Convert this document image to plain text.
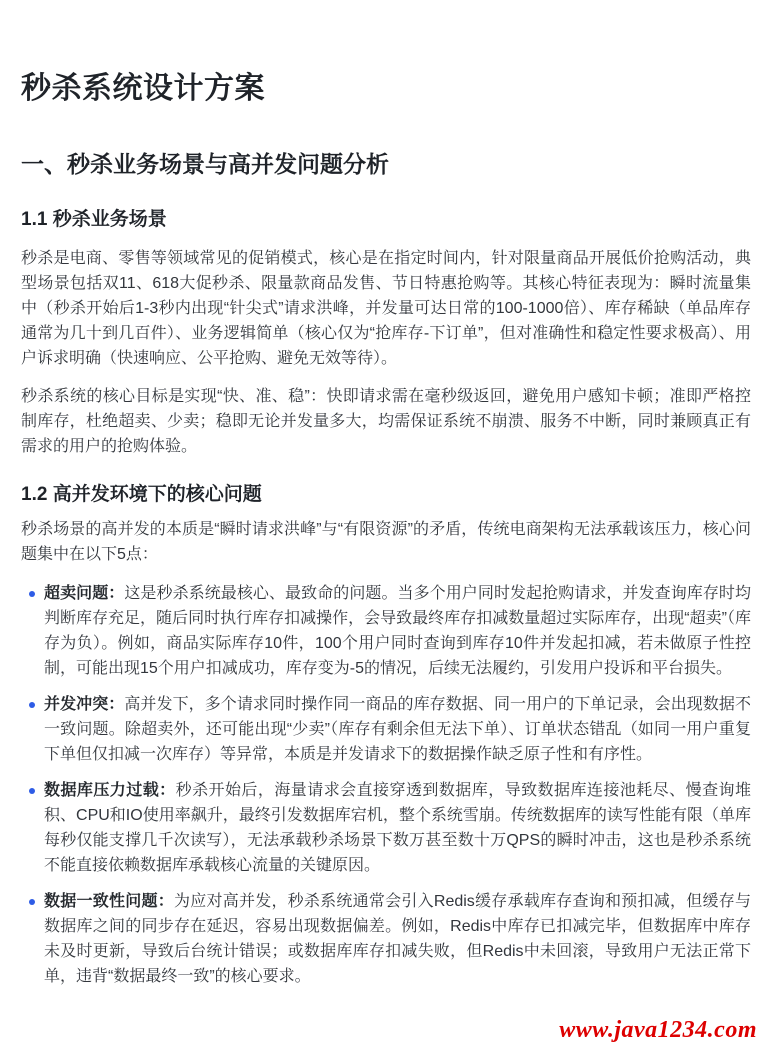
秒杀系统设计方案
一、秒杀业务场景与高并发问题分析
1.1 秒杀业务场景

秒杀是电商、零售等领域常见的促销模式，核心是在指定时间内，针对限量商品开展低价抢购活动，典型场景包括双11、618大促秒杀、限量款商品发售、节日特惠抢购等。其核心特征表现为：瞬时流量集中（秒杀开始后1-3秒内出现“针尖式”请求洪峰，并发量可达日常的100-1000倍）、库存稀缺（单品库存通常为几十到几百件）、业务逻辑简单（核心仅为“抢库存-下订单”，但对准确性和稳定性要求极高）、用户诉求明确（快速响应、公平抢购、避免无效等待）。

秒杀系统的核心目标是实现“快、准、稳”：快即请求需在毫秒级返回，避免用户感知卡顿；准即严格控制库存，杜绝超卖、少卖；稳即无论并发量多大，均需保证系统不崩溃、服务不中断，同时兼顾真正有需求的用户的抢购体验。

1.2 高并发环境下的核心问题

秒杀场景的高并发的本质是“瞬时请求洪峰”与“有限资源”的矛盾，传统电商架构无法承载该压力，核心问题集中在以下5点：

超卖问题：这是秒杀系统最核心、最致命的问题。当多个用户同时发起抢购请求，并发查询库存时均判断库存充足，随后同时执行库存扣减操作，会导致最终库存扣减数量超过实际库存，出现“超卖”（库存为负）。例如，商品实际库存10件，100个用户同时查询到库存10件并发起扣减，若未做原子性控制，可能出现15个用户扣减成功，库存变为-5的情况，后续无法履约，引发用户投诉和平台损失。
并发冲突：高并发下，多个请求同时操作同一商品的库存数据、同一用户的下单记录，会出现数据不一致问题。除超卖外，还可能出现“少卖”（库存有剩余但无法下单）、订单状态错乱（如同一用户重复下单但仅扣减一次库存）等异常，本质是并发请求下的数据操作缺乏原子性和有序性。
数据库压力过载：秒杀开始后，海量请求会直接穿透到数据库，导致数据库连接池耗尽、慢查询堆积、CPU和IO使用率飙升，最终引发数据库宕机，整个系统雪崩。传统数据库的读写性能有限（单库每秒仅能支撑几千次读写），无法承载秒杀场景下数万甚至数十万QPS的瞬时冲击，这也是秒杀系统不能直接依赖数据库承载核心流量的关键原因。
数据一致性问题：为应对高并发，秒杀系统通常会引入Redis缓存承载库存查询和预扣减，但缓存与数据库之间的同步存在延迟，容易出现数据偏差。例如，Redis中库存已扣减完毕，但数据库中库存未及时更新，导致后台统计错误；或数据库库存扣减失败，但Redis中未回滚，导致用户无法正常下单，违背“数据最终一致”的核心要求。
www.java1234.com
